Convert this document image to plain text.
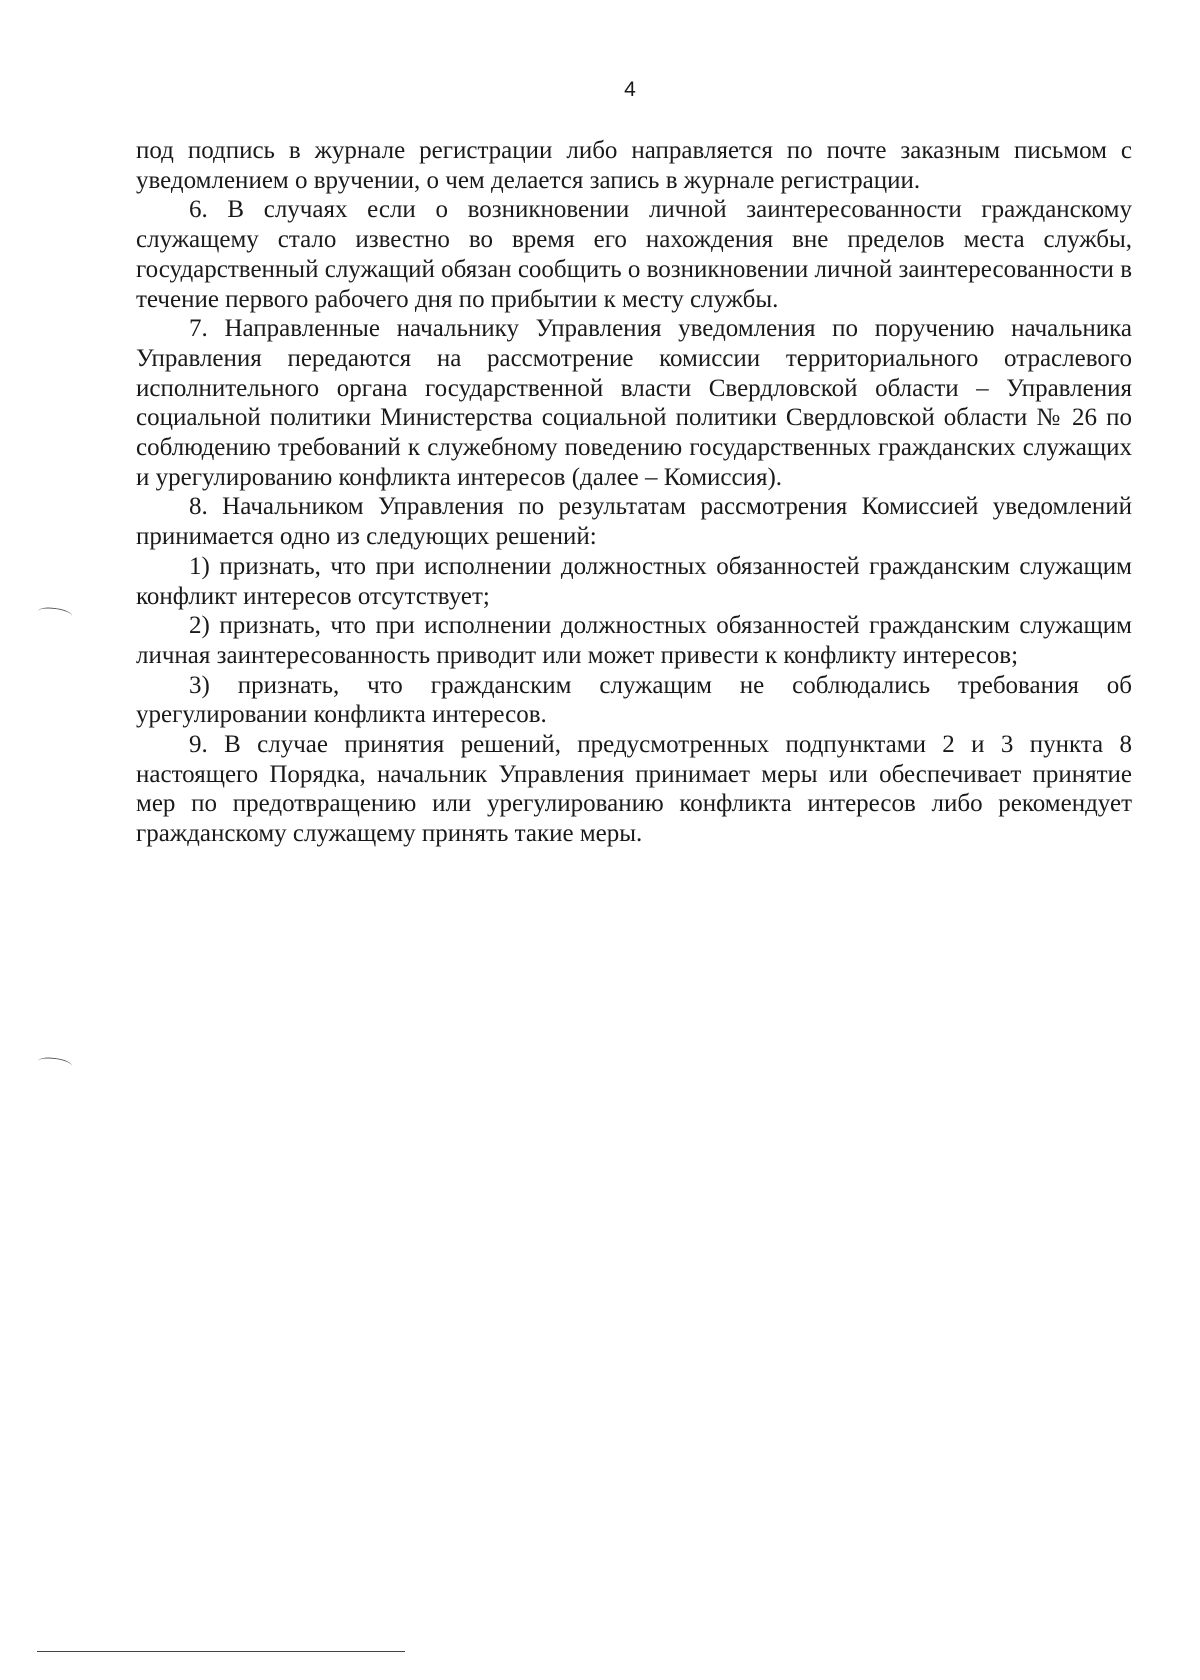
4

под подпись в журнале регистрации либо направляется по почте заказным письмом с уведомлением о вручении, о чем делается запись в журнале регистрации.

6. В случаях если о возникновении личной заинтересованности гражданскому служащему стало известно во время его нахождения вне пределов места службы, государственный служащий обязан сообщить о возникновении личной заинтересованности в течение первого рабочего дня по прибытии к месту службы.

7. Направленные начальнику Управления уведомления по поручению начальника Управления передаются на рассмотрение комиссии территориального отраслевого исполнительного органа государственной власти Свердловской области – Управления социальной политики Министерства социальной политики Свердловской области № 26 по соблюдению требований к служебному поведению государственных гражданских служащих и урегулированию конфликта интересов (далее – Комиссия).

8. Начальником Управления по результатам рассмотрения Комиссией уведомлений принимается одно из следующих решений:

1) признать, что при исполнении должностных обязанностей гражданским служащим конфликт интересов отсутствует;

2) признать, что при исполнении должностных обязанностей гражданским служащим личная заинтересованность приводит или может привести к конфликту интересов;

3) признать, что гражданским служащим не соблюдались требования об урегулировании конфликта интересов.

9. В случае принятия решений, предусмотренных подпунктами 2 и 3 пункта 8 настоящего Порядка, начальник Управления принимает меры или обеспечивает принятие мер по предотвращению или урегулированию конфликта интересов либо рекомендует гражданскому служащему принять такие меры.
